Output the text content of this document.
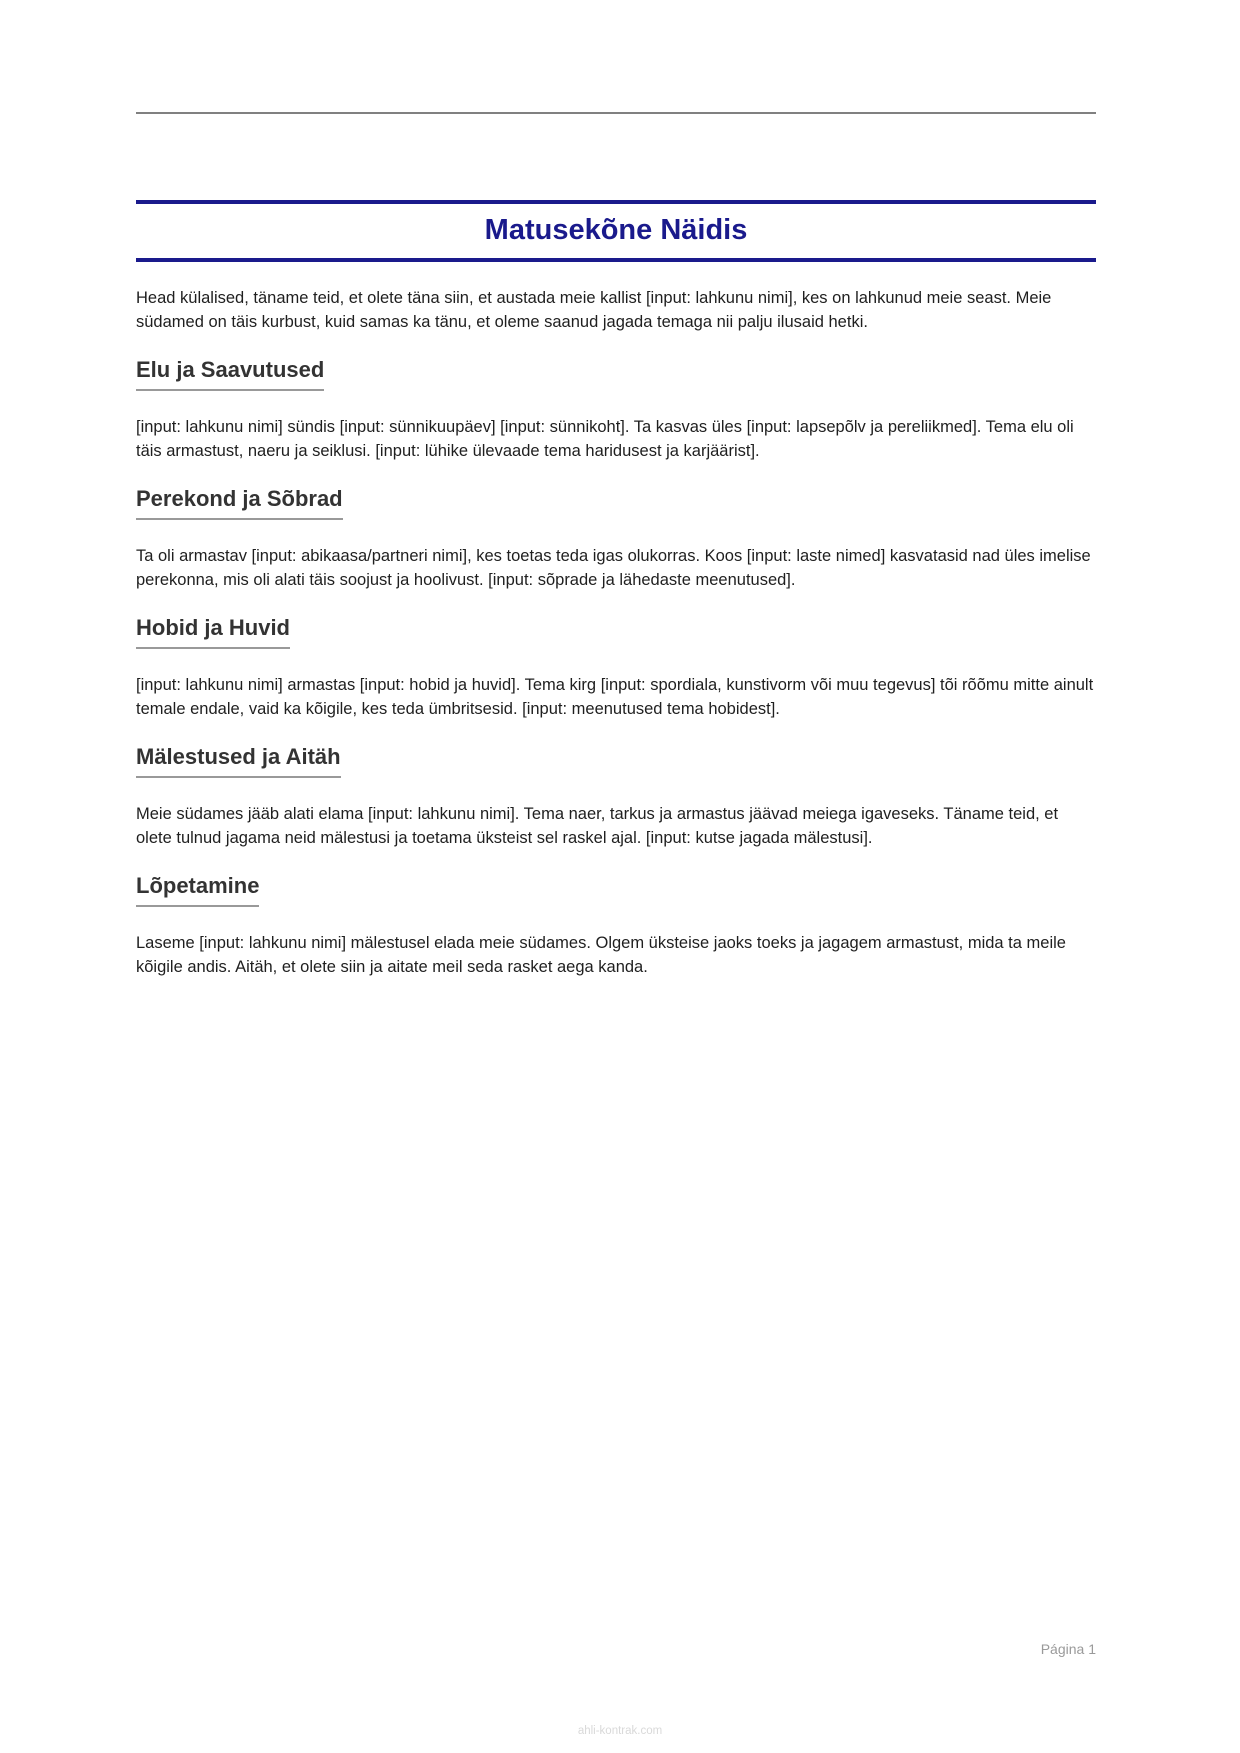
Matusekõne Näidis

Head külalised, täname teid, et olete täna siin, et austada meie kallist [input: lahkunu nimi], kes on lahkunud meie seast. Meie südamed on täis kurbust, kuid samas ka tänu, et oleme saanud jagada temaga nii palju ilusaid hetki.

Elu ja Saavutused

[input: lahkunu nimi] sündis [input: sünnikuupäev] [input: sünnikoht]. Ta kasvas üles [input: lapsepõlv ja pereliikmed]. Tema elu oli täis armastust, naeru ja seiklusi. [input: lühike ülevaade tema haridusest ja karjäärist].

Perekond ja Sõbrad

Ta oli armastav [input: abikaasa/partneri nimi], kes toetas teda igas olukorras. Koos [input: laste nimed] kasvatasid nad üles imelise perekonna, mis oli alati täis soojust ja hoolivust. [input: sõprade ja lähedaste meenutused].

Hobid ja Huvid

[input: lahkunu nimi] armastas [input: hobid ja huvid]. Tema kirg [input: spordiala, kunstivorm või muu tegevus] tõi rõõmu mitte ainult temale endale, vaid ka kõigile, kes teda ümbritsesid. [input: meenutused tema hobidest].

Mälestused ja Aitäh

Meie südames jääb alati elama [input: lahkunu nimi]. Tema naer, tarkus ja armastus jäävad meiega igaveseks. Täname teid, et olete tulnud jagama neid mälestusi ja toetama üksteist sel raskel ajal. [input: kutse jagada mälestusi].

Lõpetamine

Laseme [input: lahkunu nimi] mälestusel elada meie südames. Olgem üksteise jaoks toeks ja jagagem armastust, mida ta meile kõigile andis. Aitäh, et olete siin ja aitate meil seda rasket aega kanda.

Página 1
ahli-kontrak.com
